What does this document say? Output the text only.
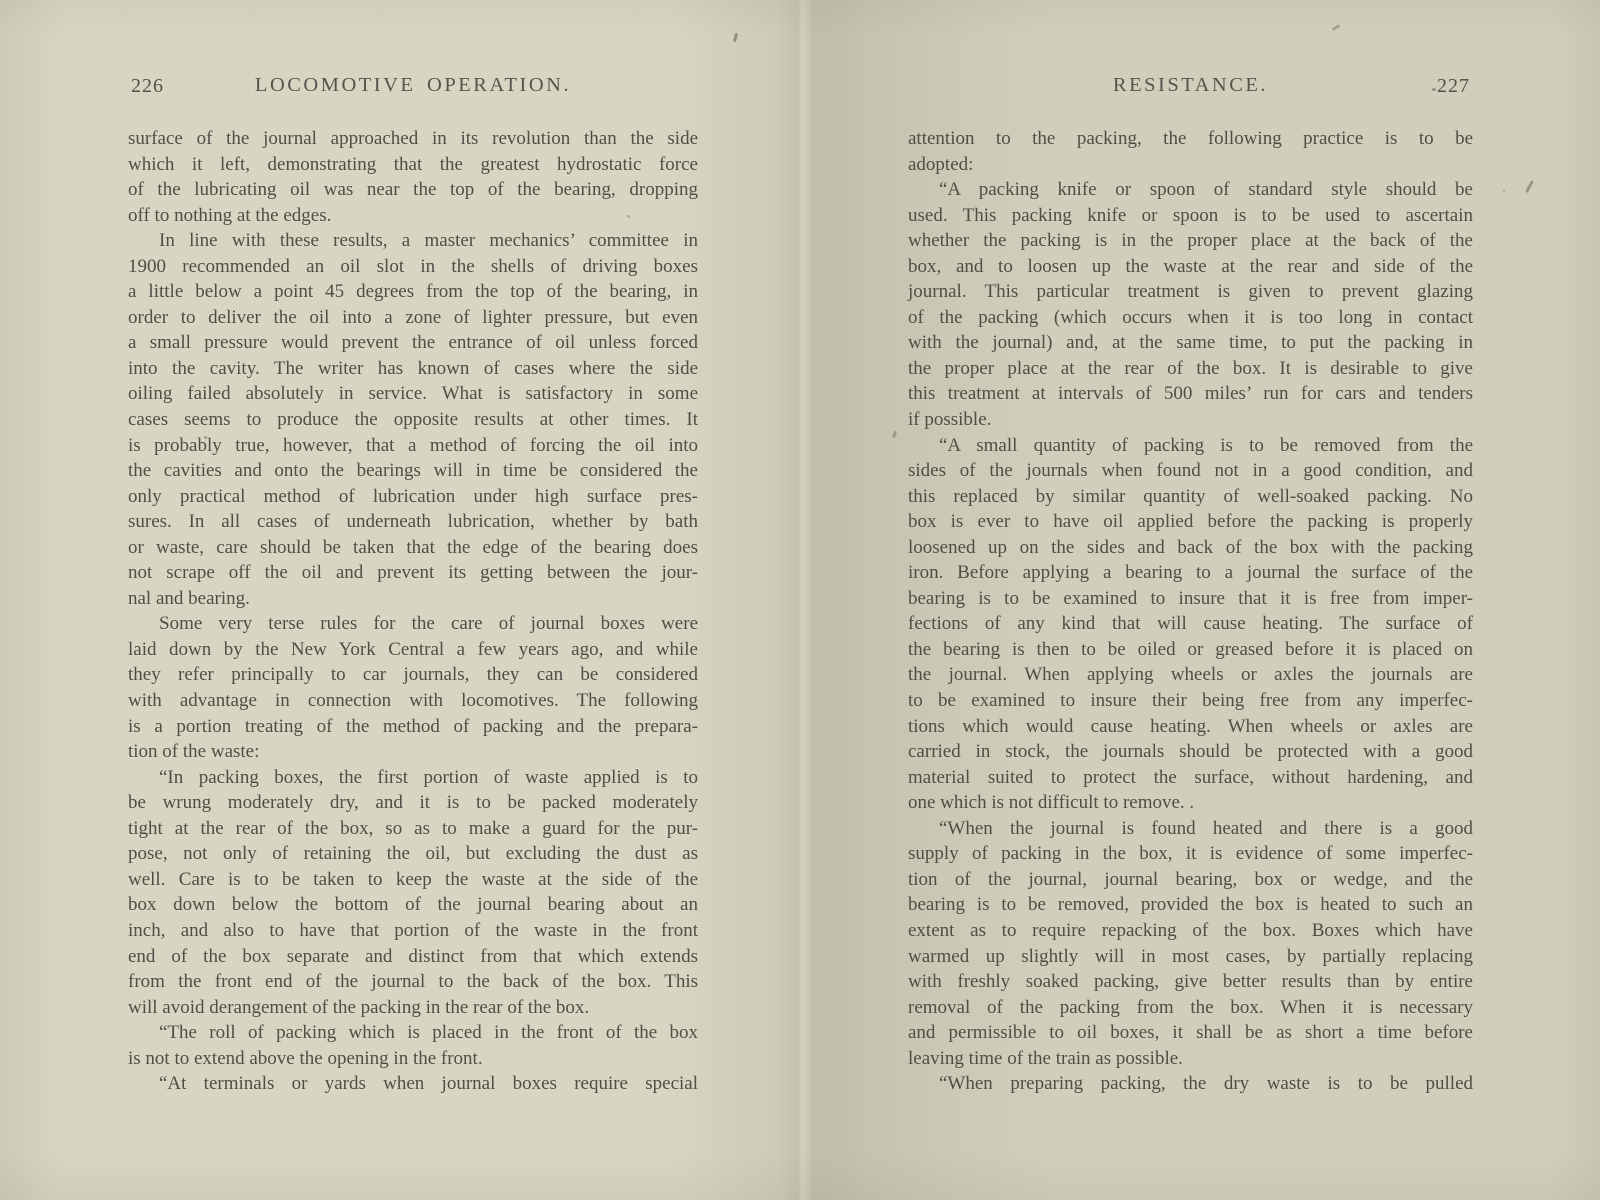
226	LOCOMOTIVE OPERATION.	RESISTANCE.	227
surface of the journal approached in its revolution than the side
which it left, demonstrating that the greatest hydrostatic force
of the lubricating oil was near the top of the bearing, dropping
off to nothing at the edges.
In line with these results, a master mechanics’ committee in
1900 recommended an oil slot in the shells of driving boxes
a little below a point 45 degrees from the top of the bearing, in
order to deliver the oil into a zone of lighter pressure, but even
a small pressure would prevent the entrance of oil unless forced
into the cavity. The writer has known of cases where the side
oiling failed absolutely in service. What is satisfactory in some
cases seems to produce the opposite results at other times. It
is probably true, however, that a method of forcing the oil into
the cavities and onto the bearings will in time be considered the
only practical method of lubrication under high surface pres-
sures. In all cases of underneath lubrication, whether by bath
or waste, care should be taken that the edge of the bearing does
not scrape off the oil and prevent its getting between the jour-
nal and bearing.
Some very terse rules for the care of journal boxes were
laid down by the New York Central a few years ago, and while
they refer principally to car journals, they can be considered
with advantage in connection with locomotives. The following
is a portion treating of the method of packing and the prepara-
tion of the waste:
“In packing boxes, the first portion of waste applied is to
be wrung moderately dry, and it is to be packed moderately
tight at the rear of the box, so as to make a guard for the pur-
pose, not only of retaining the oil, but excluding the dust as
well. Care is to be taken to keep the waste at the side of the
box down below the bottom of the journal bearing about an
inch, and also to have that portion of the waste in the front
end of the box separate and distinct from that which extends
from the front end of the journal to the back of the box. This
will avoid derangement of the packing in the rear of the box.
“The roll of packing which is placed in the front of the box
is not to extend above the opening in the front.
“At terminals or yards when journal boxes require special
attention to the packing, the following practice is to be
adopted:
“A packing knife or spoon of standard style should be
used. This packing knife or spoon is to be used to ascertain
whether the packing is in the proper place at the back of the
box, and to loosen up the waste at the rear and side of the
journal. This particular treatment is given to prevent glazing
of the packing (which occurs when it is too long in contact
with the journal) and, at the same time, to put the packing in
the proper place at the rear of the box. It is desirable to give
this treatment at intervals of 500 miles’ run for cars and tenders
if possible.
“A small quantity of packing is to be removed from the
sides of the journals when found not in a good condition, and
this replaced by similar quantity of well-soaked packing. No
box is ever to have oil applied before the packing is properly
loosened up on the sides and back of the box with the packing
iron. Before applying a bearing to a journal the surface of the
bearing is to be examined to insure that it is free from imper-
fections of any kind that will cause heating. The surface of
the bearing is then to be oiled or greased before it is placed on
the journal. When applying wheels or axles the journals are
to be examined to insure their being free from any imperfec-
tions which would cause heating. When wheels or axles are
carried in stock, the journals should be protected with a good
material suited to protect the surface, without hardening, and
one which is not difficult to remove. .
“When the journal is found heated and there is a good
supply of packing in the box, it is evidence of some imperfec-
tion of the journal, journal bearing, box or wedge, and the
bearing is to be removed, provided the box is heated to such an
extent as to require repacking of the box. Boxes which have
warmed up slightly will in most cases, by partially replacing
with freshly soaked packing, give better results than by entire
removal of the packing from the box. When it is necessary
and permissible to oil boxes, it shall be as short a time before
leaving time of the train as possible.
“When preparing packing, the dry waste is to be pulled
